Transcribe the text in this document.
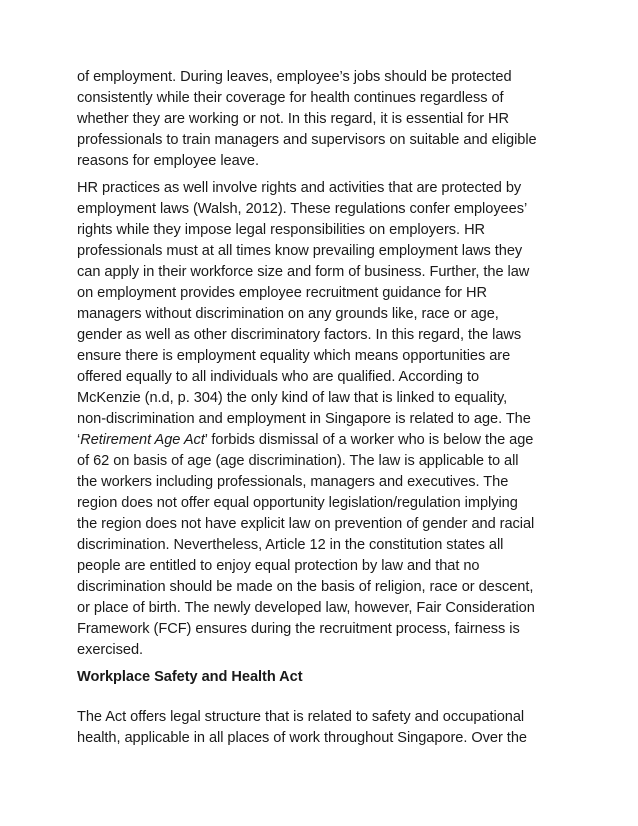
of employment. During leaves, employee’s jobs should be protected
consistently while their coverage for health continues regardless of
whether they are working or not. In this regard, it is essential for HR
professionals to train managers and supervisors on suitable and eligible
reasons for employee leave.
HR practices as well involve rights and activities that are protected by
employment laws (Walsh, 2012). These regulations confer employees’
rights while they impose legal responsibilities on employers. HR
professionals must at all times know prevailing employment laws they
can apply in their workforce size and form of business. Further, the law
on employment provides employee recruitment guidance for HR
managers without discrimination on any grounds like, race or age,
gender as well as other discriminatory factors. In this regard, the laws
ensure there is employment equality which means opportunities are
offered equally to all individuals who are qualified. According to
McKenzie (n.d, p. 304) the only kind of law that is linked to equality,
non-discrimination and employment in Singapore is related to age. The
‘Retirement Age Act’ forbids dismissal of a worker who is below the age
of 62 on basis of age (age discrimination). The law is applicable to all
the workers including professionals, managers and executives. The
region does not offer equal opportunity legislation/regulation implying
the region does not have explicit law on prevention of gender and racial
discrimination. Nevertheless, Article 12 in the constitution states all
people are entitled to enjoy equal protection by law and that no
discrimination should be made on the basis of religion, race or descent,
or place of birth. The newly developed law, however, Fair Consideration
Framework (FCF) ensures during the recruitment process, fairness is
exercised.
Workplace Safety and Health Act
The Act offers legal structure that is related to safety and occupational
health, applicable in all places of work throughout Singapore. Over the
